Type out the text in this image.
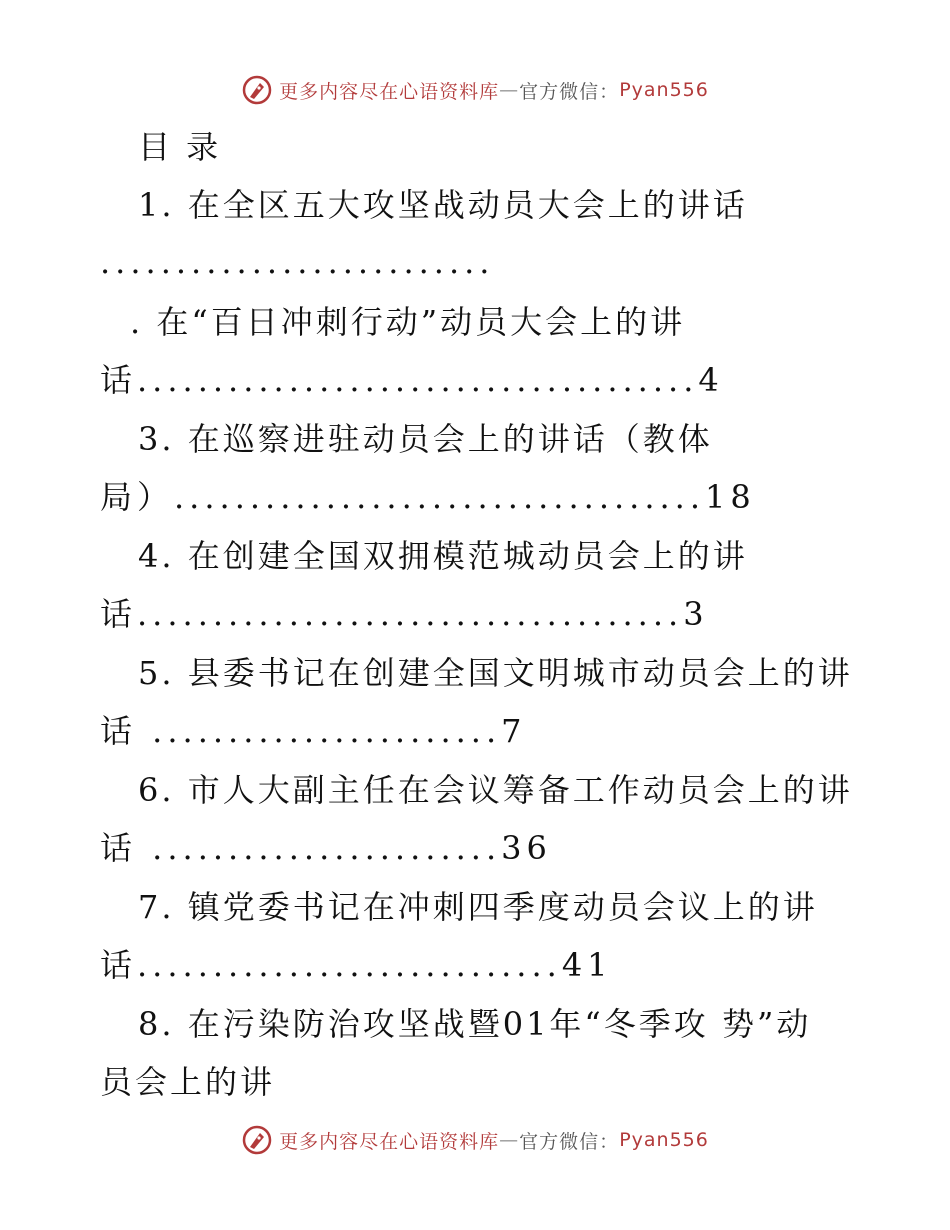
更多内容尽在心语资料库 — 官方微信： Pyan556
目 录
1. 在全区五大攻坚战动员大会上的讲话
..........................
. 在“百日冲刺行动”动员大会上的讲
话.....................................4
3. 在巡察进驻动员会上的讲话（教体
局）...................................18
4. 在创建全国双拥模范城动员会上的讲
话....................................3
5. 县委书记在创建全国文明城市动员会上的讲
话 .......................7
6. 市人大副主任在会议筹备工作动员会上的讲
话 .......................36
7. 镇党委书记在冲刺四季度动员会议上的讲
话............................41
8. 在污染防治攻坚战暨01年“冬季攻 势”动
员会上的讲
更多内容尽在心语资料库 — 官方微信： Pyan556
